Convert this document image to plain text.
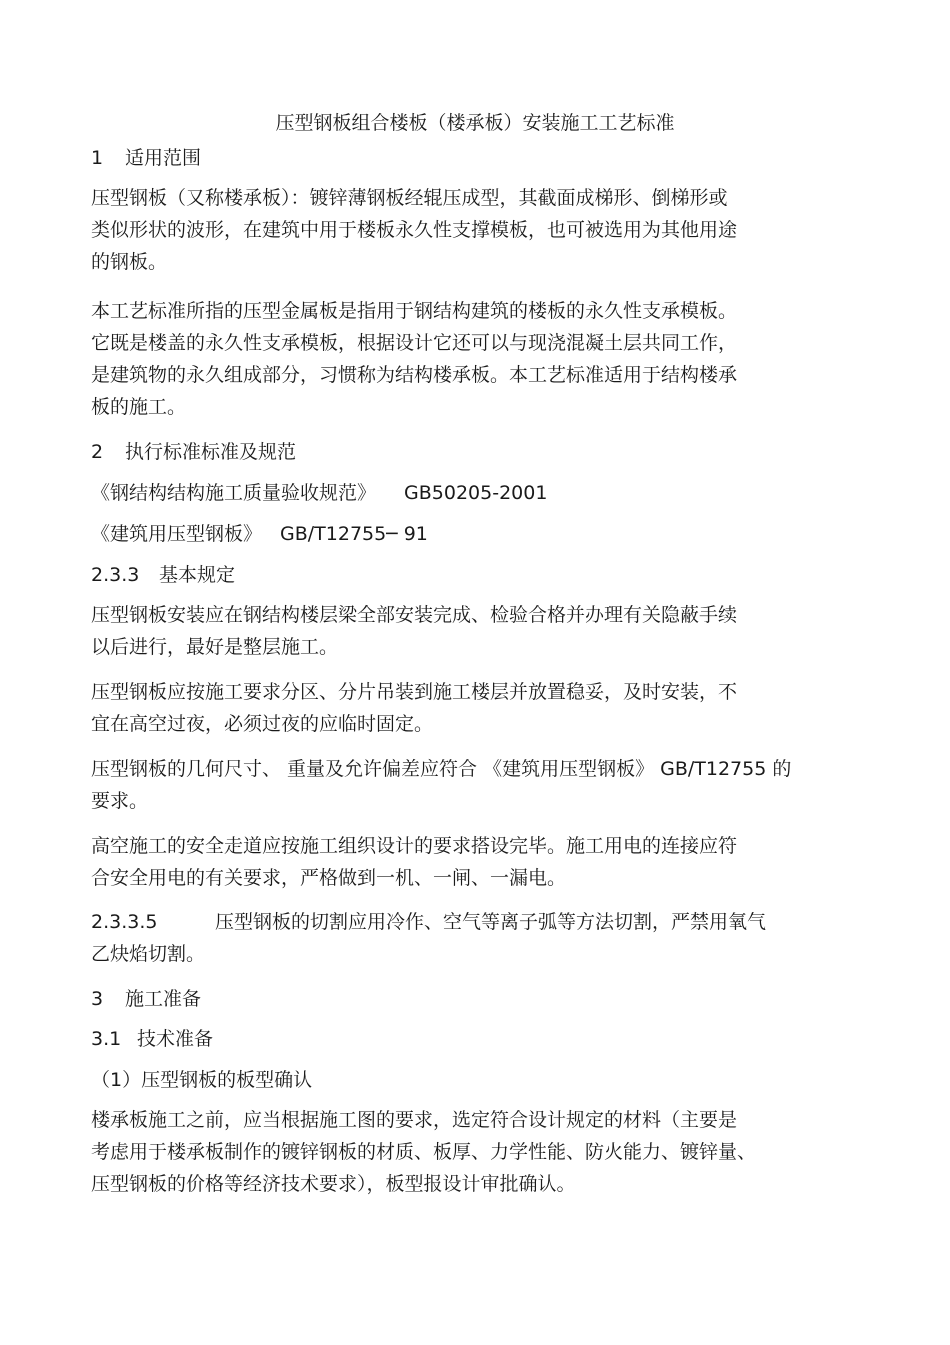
压型钢板组合楼板（楼承板）安装施工工艺标准
1 适用范围
压型钢板（又称楼承板）：镀锌薄钢板经辊压成型，其截面成梯形、倒梯形或
类似形状的波形，在建筑中用于楼板永久性支撑模板，也可被选用为其他用途
的钢板。
本工艺标准所指的压型金属板是指用于钢结构建筑的楼板的永久性支承模板。
它既是楼盖的永久性支承模板，根据设计它还可以与现浇混凝土层共同工作，
是建筑物的永久组成部分，习惯称为结构楼承板。本工艺标准适用于结构楼承
板的施工。
2 执行标准标准及规范
《钢结构结构施工质量验收规范》 GB50205-2001
《建筑用压型钢板》 GB∕T12755─ 91
2.3.3 基本规定
压型钢板安装应在钢结构楼层梁全部安装完成、检验合格并办理有关隐蔽手续
以后进行，最好是整层施工。
压型钢板应按施工要求分区、分片吊装到施工楼层并放置稳妥，及时安装，不
宜在高空过夜，必须过夜的应临时固定。
压型钢板的几何尺寸、 重量及允许偏差应符合 《建筑用压型钢板》 GB∕T12755 的
要求。
高空施工的安全走道应按施工组织设计的要求搭设完毕。施工用电的连接应符
合安全用电的有关要求，严格做到一机、一闸、一漏电。
2.3.3.5	压型钢板的切割应用冷作、空气等离子弧等方法切割，严禁用氧气
乙炔焰切割。
3 施工准备
3.1 技术准备
（1）压型钢板的板型确认
楼承板施工之前，应当根据施工图的要求，选定符合设计规定的材料（主要是
考虑用于楼承板制作的镀锌钢板的材质、板厚、力学性能、防火能力、镀锌量、
压型钢板的价格等经济技术要求），板型报设计审批确认。
